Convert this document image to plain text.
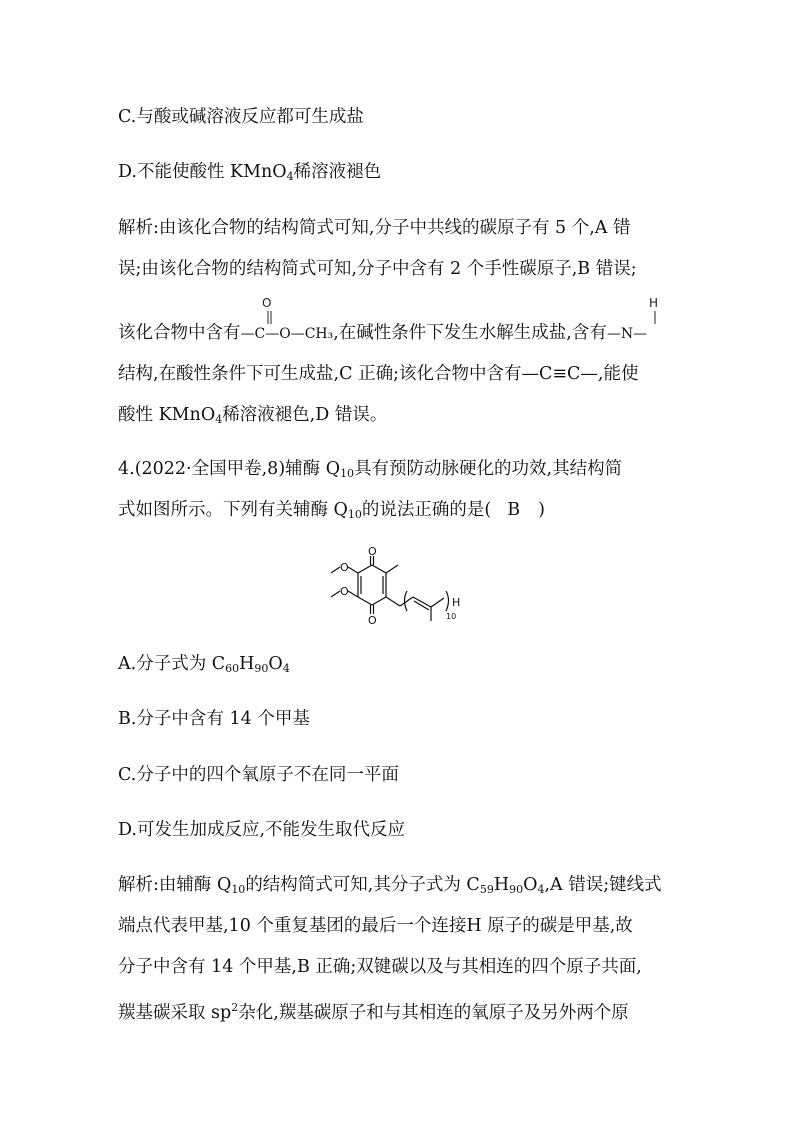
C.与酸或碱溶液反应都可生成盐
D.不能使酸性 KMnO$_4$稀溶液褪色
解析:由该化合物的结构简式可知,分子中共线的碳原子有 5 个,A 错
误;由该化合物的结构简式可知,分子中含有 2 个手性碳原子,B 错误;
O	H
该化合物中含有—C—O—CH₃,在碱性条件下发生水解生成盐,含有—N—
结构,在酸性条件下可生成盐,C 正确;该化合物中含有—C≡C—,能使
酸性 KMnO$_4$稀溶液褪色,D 错误。
4.(2022·全国甲卷,8)辅酶 $Q_{10}$具有预防动脉硬化的功效,其结构简
式如图所示。下列有关辅酶 $Q_{10}$的说法正确的是( B )
O
O
O
O
H
10
A.分子式为 $C_{60}H_{90}O_4$
B.分子中含有 14 个甲基
C.分子中的四个氧原子不在同一平面
D.可发生加成反应,不能发生取代反应
解析:由辅酶 $Q_{10}$的结构简式可知,其分子式为 $C_{59}H_{90}O_4,A$ 错误;键线式
端点代表甲基,10 个重复基团的最后一个连接H 原子的碳是甲基,故
分子中含有 14 个甲基,B 正确;双键碳以及与其相连的四个原子共面,
羰基碳采取 $sp^2$杂化,羰基碳原子和与其相连的氧原子及另外两个原
